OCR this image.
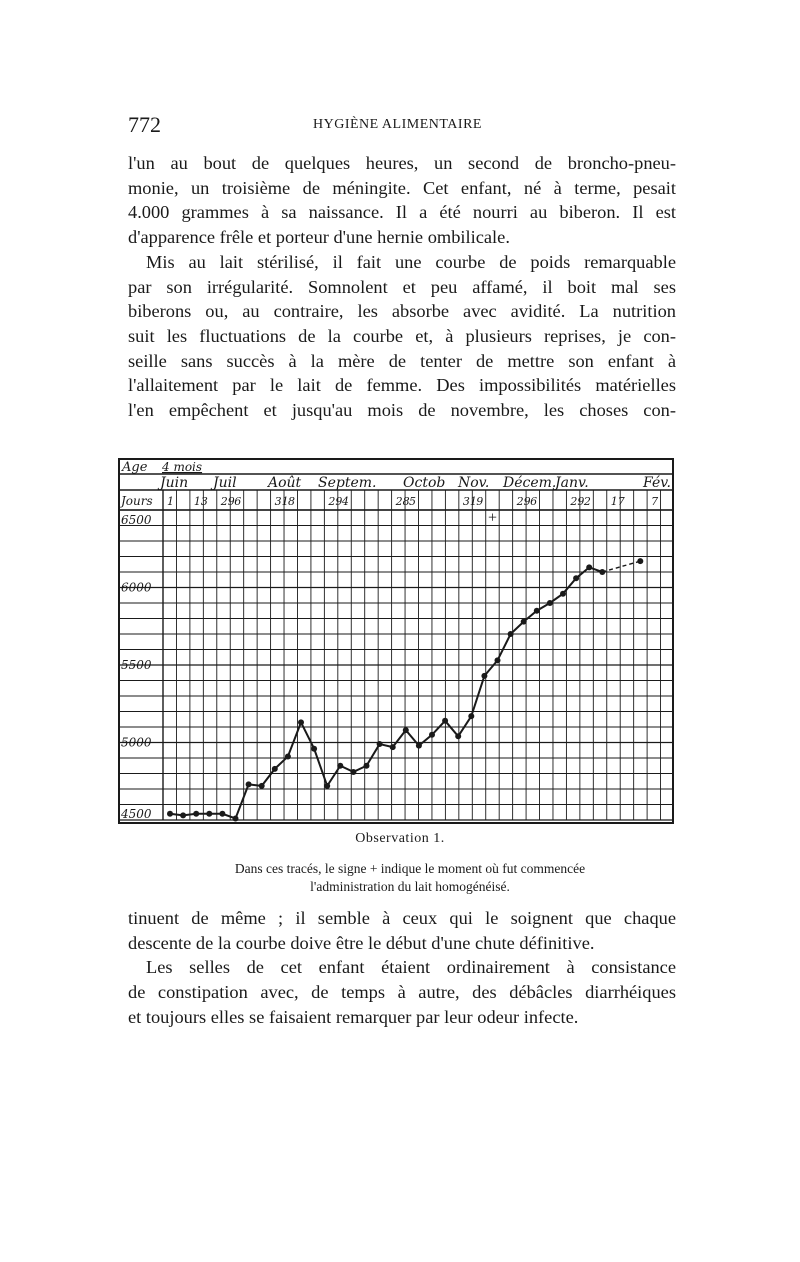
772	HYGIÈNE ALIMENTAIRE
l'un au bout de quelques heures, un second de broncho-pneu-
monie, un troisième de méningite. Cet enfant, né à terme, pesait
4.000 grammes à sa naissance. Il a été nourri au biberon. Il est
d'apparence frêle et porteur d'une hernie ombilicale.
Mis au lait stérilisé, il fait une courbe de poids remarquable
par son irrégularité. Somnolent et peu affamé, il boit mal ses
biberons ou, au contraire, les absorbe avec avidité. La nutrition
suit les fluctuations de la courbe et, à plusieurs reprises, je con-
seille sans succès à la mère de tenter de mettre son enfant à
l'allaitement par le lait de femme. Des impossibilités matérielles
l'en empêchent et jusqu'au mois de novembre, les choses con-
Age 4 mois
Juin Juil Août Septem. Octob Nov. Décem.
Janv.	Fév.
Jours 1 13 29 6	31 8	29 4	28 5	31 9	29 6	29 2 17 7
6500
6000
5500
5000
4500
+
Observation 1.
Dans ces tracés, le signe + indique le moment où fut commencée
l'administration du lait homogénéisé.
tinuent de même ; il semble à ceux qui le soignent que chaque
descente de la courbe doive être le début d'une chute définitive.
Les selles de cet enfant étaient ordinairement à consistance
de constipation avec, de temps à autre, des débâcles diarrhéiques
et toujours elles se faisaient remarquer par leur odeur infecte.
